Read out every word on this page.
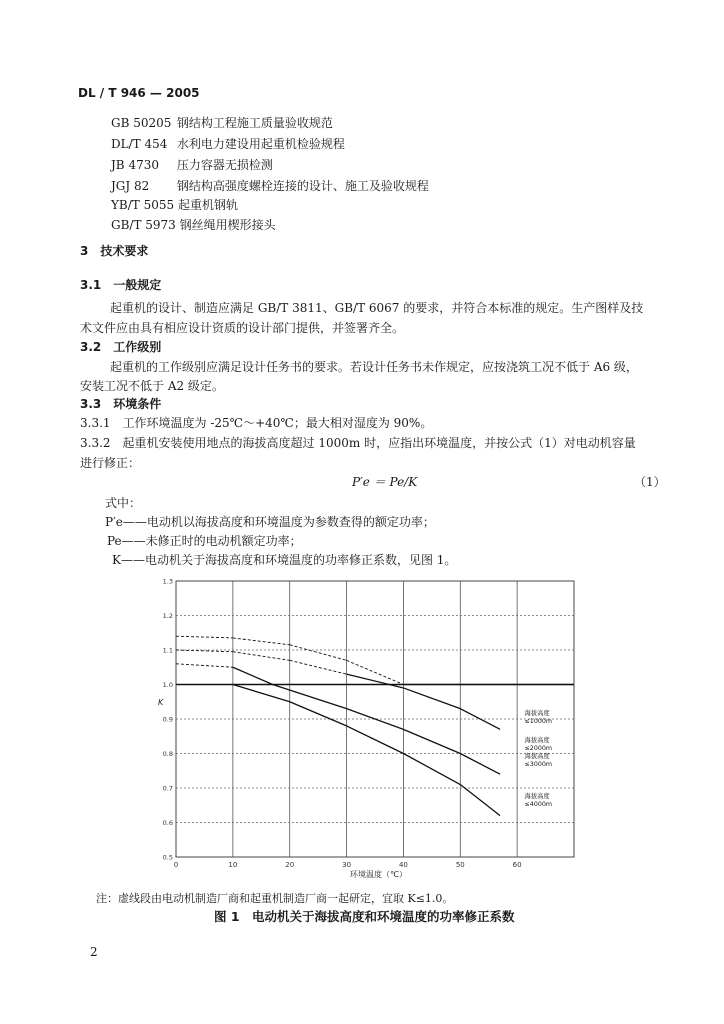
DL / T 946 — 2005
GB 50205 钢结构工程施工质量验收规范
DL/T 454 水利电力建设用起重机检验规程
JB 4730 压力容器无损检测
JGJ 82 钢结构高强度螺栓连接的设计、施工及验收规程
YB/T 5055 起重机钢轨
GB/T 5973 钢丝绳用楔形接头
3　技术要求
3.1　一般规定
起重机的设计、制造应满足 GB/T 3811、GB/T 6067 的要求，并符合本标准的规定。生产图样及技
术文件应由具有相应设计资质的设计部门提供，并签署齐全。
3.2　工作级别
起重机的工作级别应满足设计任务书的要求。若设计任务书未作规定，应按浇筑工况不低于 A6 级，
安装工况不低于 A2 级定。
3.3　环境条件
3.3.1　工作环境温度为 -25℃～+40℃；最大相对湿度为 90%。
3.3.2　起重机安装使用地点的海拔高度超过 1000m 时，应指出环境温度，并按公式（1）对电动机容量
进行修正：
P′e ＝ Pe/K	（1）
式中：
P′e——电动机以海拔高度和环境温度为参数查得的额定功率；
Pe——未修正时的电动机额定功率；
K——电动机关于海拔高度和环境温度的功率修正系数，见图 1。
0.5
0.6
0.7
0.8
0.9
1.0
1.1
1.2
1.3
0	10	20	30	40	50	60
K
环境温度（℃）
海拔高度
≤1000m
海拔高度
≤2000m
海拔高度
≤3000m
海拔高度
≤4000m
注：虚线段由电动机制造厂商和起重机制造厂商一起研定，宜取 K≤1.0。
图 1　电动机关于海拔高度和环境温度的功率修正系数
2
